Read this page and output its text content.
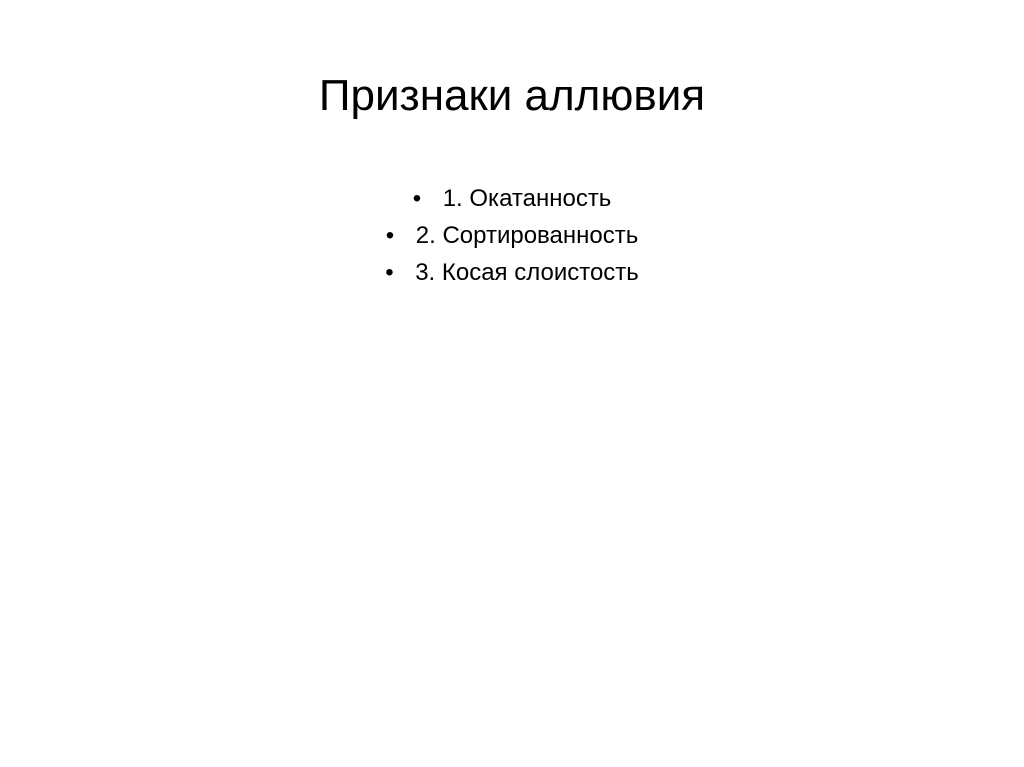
Признаки аллювия
• 1. Окатанность
• 2. Сортированность
• 3. Косая слоистость
